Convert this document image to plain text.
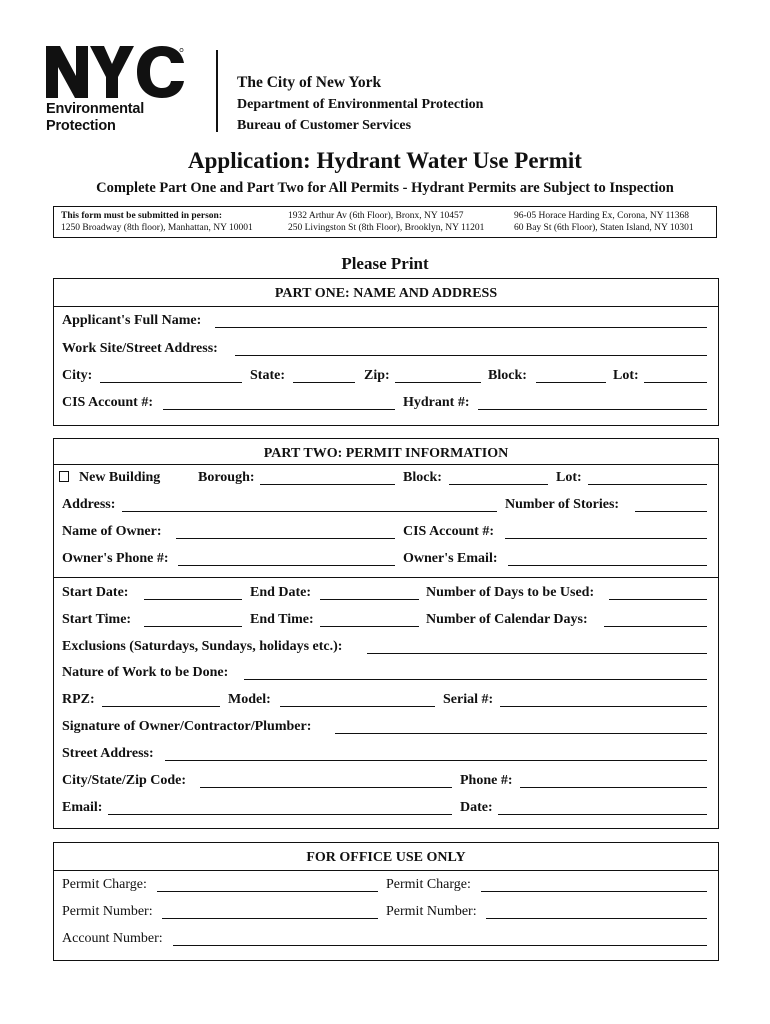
Environmental
Protection
The City of New York
Department of Environmental Protection
Bureau of Customer Services
Application: Hydrant Water Use Permit
Complete Part One and Part Two for All Permits - Hydrant Permits are Subject to Inspection
This form must be submitted in person:
1250 Broadway (8th floor), Manhattan, NY 10001
1932 Arthur Av (6th Floor), Bronx, NY 10457
250 Livingston St (8th Floor), Brooklyn, NY 11201
96-05 Horace Harding Ex, Corona, NY 11368
60 Bay St (6th Floor), Staten Island, NY 10301
Please Print
PART ONE: NAME AND ADDRESS
Applicant's Full Name:
Work Site/Street Address:
City:	State:	Zip:	Block:	Lot:
CIS Account #:	Hydrant #:
PART TWO: PERMIT INFORMATION
New Building	Borough:	Block:	Lot:
Address:	Number of Stories:
Name of Owner:	CIS Account #:
Owner's Phone #:	Owner's Email:
Start Date:	End Date:	Number of Days to be Used:
Start Time:	End Time:	Number of Calendar Days:
Exclusions (Saturdays, Sundays, holidays etc.):
Nature of Work to be Done:
RPZ:	Model:	Serial #:
Signature of Owner/Contractor/Plumber:
Street Address:
City/State/Zip Code:	Phone #:
Email:	Date:
FOR OFFICE USE ONLY
Permit Charge:	Permit Charge:
Permit Number:	Permit Number:
Account Number:
